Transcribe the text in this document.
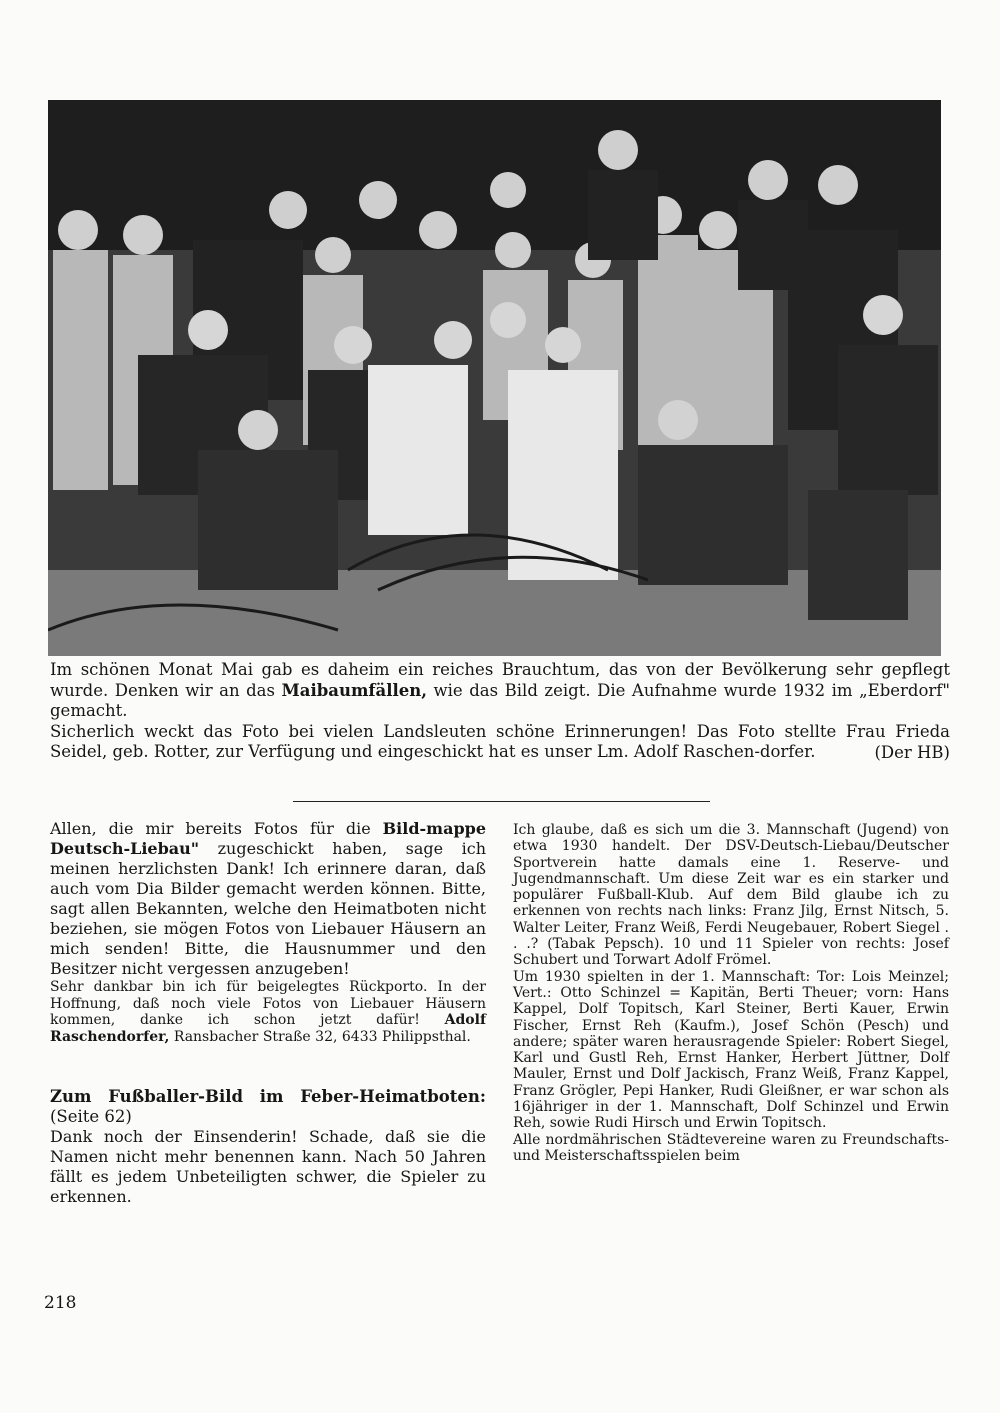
Im schönen Monat Mai gab es daheim ein reiches Brauchtum, das von der Bevölkerung sehr gepflegt wurde. Denken wir an das Maibaumfällen, wie das Bild zeigt. Die Aufnahme wurde 1932 im „Eberdorf" gemacht.

Sicherlich weckt das Foto bei vielen Landsleuten schöne Erinnerungen! Das Foto stellte Frau Frieda Seidel, geb. Rotter, zur Verfügung und eingeschickt hat es unser Lm. Adolf Raschen-dorfer.	(Der HB)

Allen, die mir bereits Fotos für die Bild-mappe Deutsch-Liebau" zugeschickt haben, sage ich meinen herzlichsten Dank! Ich erinnere daran, daß auch vom Dia Bilder gemacht werden können. Bitte, sagt allen Bekannten, welche den Heimatboten nicht beziehen, sie mögen Fotos von Liebauer Häusern an mich senden! Bitte, die Hausnummer und den Besitzer nicht vergessen anzugeben!

Sehr dankbar bin ich für beigelegtes Rückporto. In der Hoffnung, daß noch viele Fotos von Liebauer Häusern kommen, danke ich schon jetzt dafür! Adolf Raschendorfer, Ransbacher Straße 32, 6433 Philippsthal.

Zum Fußballer-Bild im Feber-Heimatboten: (Seite 62)

Dank noch der Einsenderin! Schade, daß sie die Namen nicht mehr benennen kann. Nach 50 Jahren fällt es jedem Unbeteiligten schwer, die Spieler zu erkennen.

Ich glaube, daß es sich um die 3. Mannschaft (Jugend) von etwa 1930 handelt. Der DSV-Deutsch-Liebau/Deutscher Sportverein hatte damals eine 1. Reserve- und Jugendmannschaft. Um diese Zeit war es ein starker und populärer Fußball-Klub. Auf dem Bild glaube ich zu erkennen von rechts nach links: Franz Jilg, Ernst Nitsch, 5. Walter Leiter, Franz Weiß, Ferdi Neugebauer, Robert Siegel . . .? (Tabak Pepsch). 10 und 11 Spieler von rechts: Josef Schubert und Torwart Adolf Frömel.

Um 1930 spielten in der 1. Mannschaft: Tor: Lois Meinzel; Vert.: Otto Schinzel = Kapitän, Berti Theuer; vorn: Hans Kappel, Dolf Topitsch, Karl Steiner, Berti Kauer, Erwin Fischer, Ernst Reh (Kaufm.), Josef Schön (Pesch) und andere; später waren herausragende Spieler: Robert Siegel, Karl und Gustl Reh, Ernst Hanker, Herbert Jüttner, Dolf Mauler, Ernst und Dolf Jackisch, Franz Weiß, Franz Kappel, Franz Grögler, Pepi Hanker, Rudi Gleißner, er war schon als 16jähriger in der 1. Mannschaft, Dolf Schinzel und Erwin Reh, sowie Rudi Hirsch und Erwin Topitsch.

Alle nordmährischen Städtevereine waren zu Freundschafts- und Meisterschaftsspielen beim

218
